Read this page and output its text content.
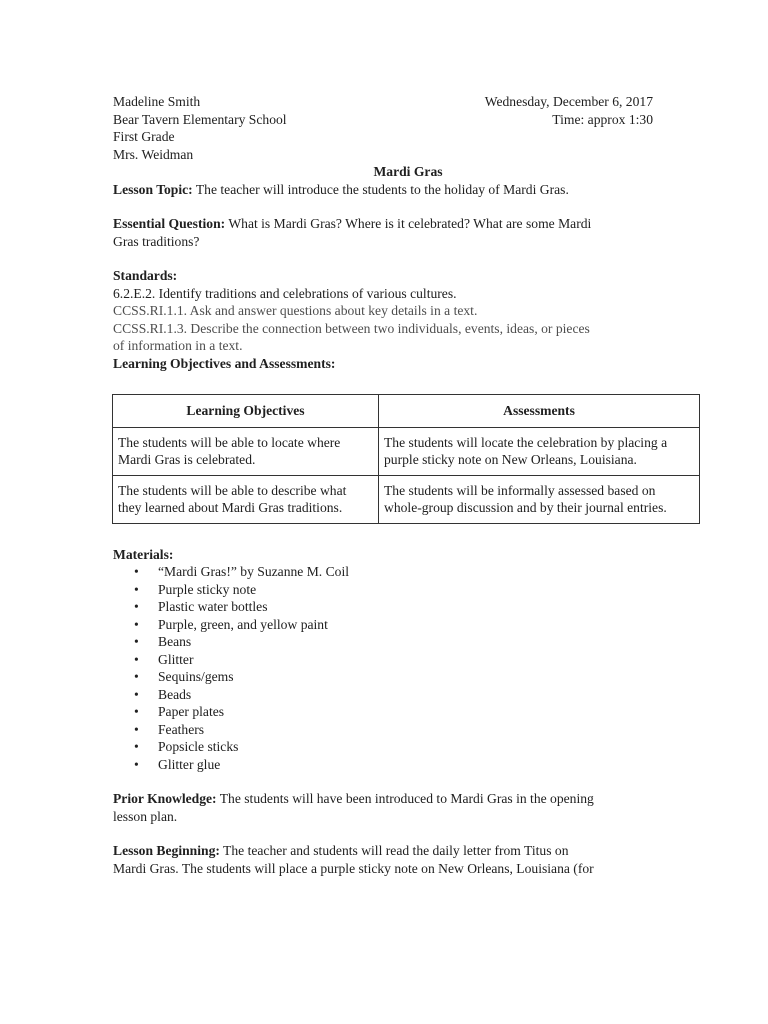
Madeline Smith	Wednesday, December 6, 2017
Bear Tavern Elementary School	Time: approx 1:30
First Grade
Mrs. Weidman
Mardi Gras
Lesson Topic: The teacher will introduce the students to the holiday of Mardi Gras.
Essential Question: What is Mardi Gras? Where is it celebrated? What are some Mardi
Gras traditions?
Standards:
6.2.E.2. Identify traditions and celebrations of various cultures.
CCSS.RI.1.1. Ask and answer questions about key details in a text.
CCSS.RI.1.3. Describe the connection between two individuals, events, ideas, or pieces
of information in a text.
Learning Objectives and Assessments:
Learning Objectives	Assessments
The students will be able to locate where Mardi Gras is celebrated.	The students will locate the celebration by placing a purple sticky note on New Orleans, Louisiana.
The students will be able to describe what they learned about Mardi Gras traditions.	The students will be informally assessed based on whole-group discussion and by their journal entries.
Materials:
• “Mardi Gras!” by Suzanne M. Coil
• Purple sticky note
• Plastic water bottles
• Purple, green, and yellow paint
• Beans
• Glitter
• Sequins/gems
• Beads
• Paper plates
• Feathers
• Popsicle sticks
• Glitter glue
Prior Knowledge: The students will have been introduced to Mardi Gras in the opening
lesson plan.
Lesson Beginning: The teacher and students will read the daily letter from Titus on
Mardi Gras. The students will place a purple sticky note on New Orleans, Louisiana (for
